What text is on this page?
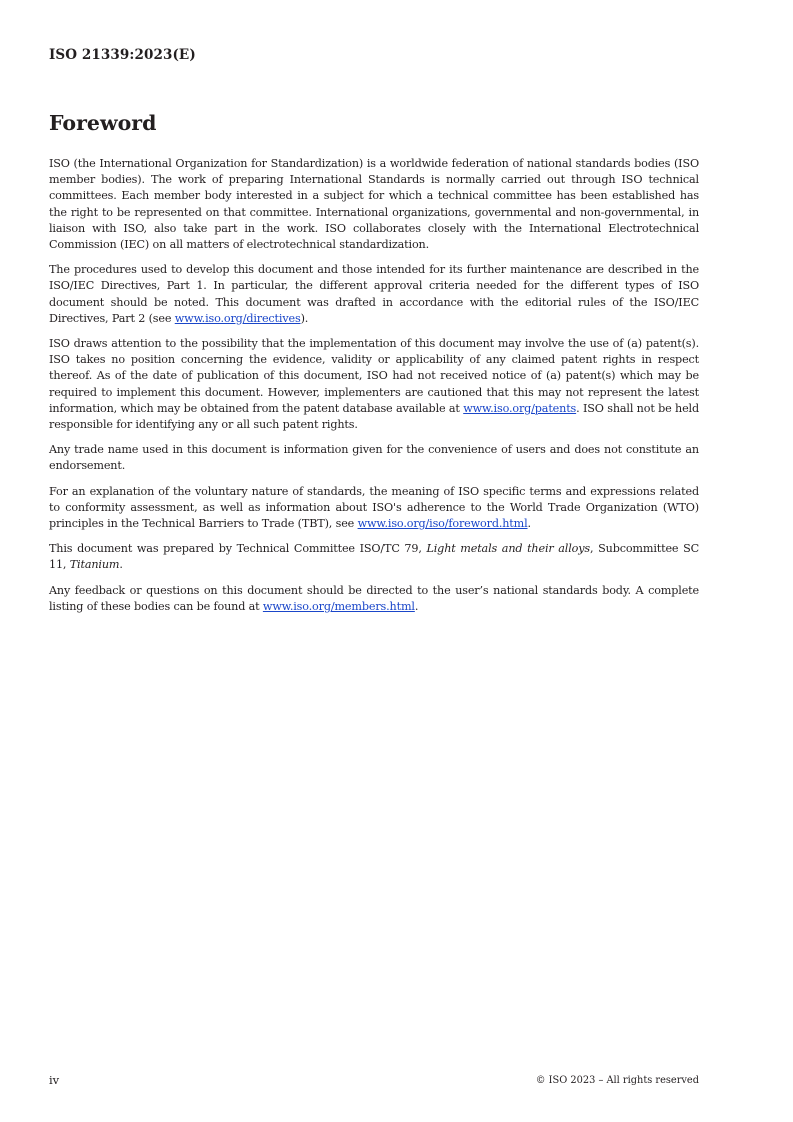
ISO 21339:2023(E)
Foreword

ISO (the International Organization for Standardization) is a worldwide federation of national standards bodies (ISO member bodies). The work of preparing International Standards is normally carried out through ISO technical committees. Each member body interested in a subject for which a technical committee has been established has the right to be represented on that committee. International organizations, governmental and non-governmental, in liaison with ISO, also take part in the work. ISO collaborates closely with the International Electrotechnical Commission (IEC) on all matters of electrotechnical standardization.

The procedures used to develop this document and those intended for its further maintenance are described in the ISO/IEC Directives, Part 1. In particular, the different approval criteria needed for the different types of ISO document should be noted. This document was drafted in accordance with the editorial rules of the ISO/IEC Directives, Part 2 (see www.iso.org/directives).

ISO draws attention to the possibility that the implementation of this document may involve the use of (a) patent(s). ISO takes no position concerning the evidence, validity or applicability of any claimed patent rights in respect thereof. As of the date of publication of this document, ISO had not received notice of (a) patent(s) which may be required to implement this document. However, implementers are cautioned that this may not represent the latest information, which may be obtained from the patent database available at www.iso.org/patents. ISO shall not be held responsible for identifying any or all such patent rights.

Any trade name used in this document is information given for the convenience of users and does not constitute an endorsement.

For an explanation of the voluntary nature of standards, the meaning of ISO specific terms and expressions related to conformity assessment, as well as information about ISO's adherence to the World Trade Organization (WTO) principles in the Technical Barriers to Trade (TBT), see www.iso.org/iso/foreword.html.

This document was prepared by Technical Committee ISO/TC 79, Light metals and their alloys, Subcommittee SC 11, Titanium.

Any feedback or questions on this document should be directed to the user’s national standards body. A complete listing of these bodies can be found at www.iso.org/members.html.

iv	© ISO 2023 – All rights reserved
